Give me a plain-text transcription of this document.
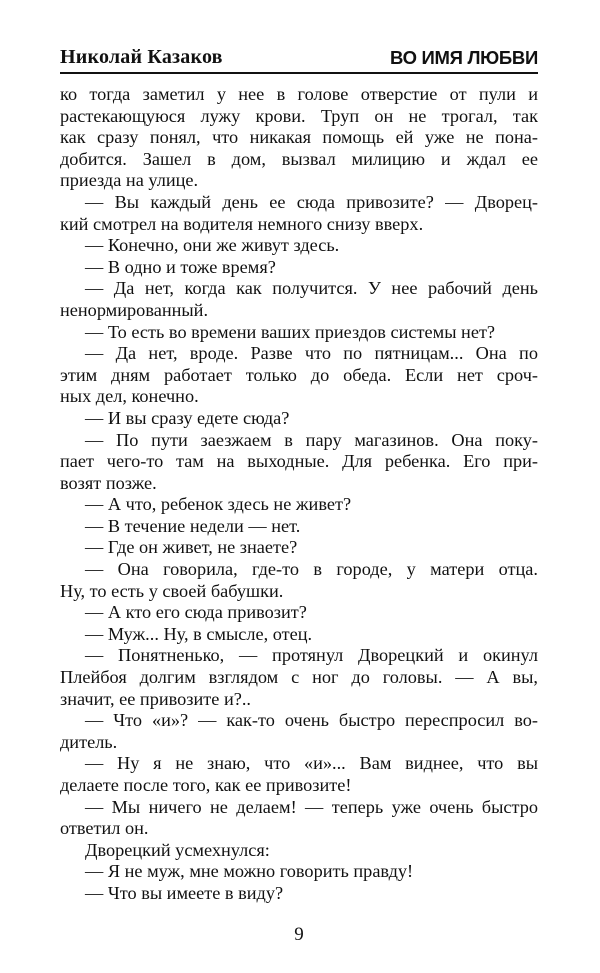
Николай Казаков	ВО ИМЯ ЛЮБВИ
ко тогда заметил у нее в голове отверстие от пули и
растекающуюся лужу крови. Труп он не трогал, так
как сразу понял, что никакая помощь ей уже не пона-
добится. Зашел в дом, вызвал милицию и ждал ее
приезда на улице.
— Вы каждый день ее сюда привозите? — Дворец-
кий смотрел на водителя немного снизу вверх.
— Конечно, они же живут здесь.
— В одно и тоже время?
— Да нет, когда как получится. У нее рабочий день
ненормированный.
— То есть во времени ваших приездов системы нет?
— Да нет, вроде. Разве что по пятницам... Она по
этим дням работает только до обеда. Если нет сроч-
ных дел, конечно.
— И вы сразу едете сюда?
— По пути заезжаем в пару магазинов. Она поку-
пает чего-то там на выходные. Для ребенка. Его при-
возят позже.
— А что, ребенок здесь не живет?
— В течение недели — нет.
— Где он живет, не знаете?
— Она говорила, где-то в городе, у матери отца.
Ну, то есть у своей бабушки.
— А кто его сюда привозит?
— Муж... Ну, в смысле, отец.
— Понятненько, — протянул Дворецкий и окинул
Плейбоя долгим взглядом с ног до головы. — А вы,
значит, ее привозите и?..
— Что «и»? — как-то очень быстро переспросил во-
дитель.
— Ну я не знаю, что «и»... Вам виднее, что вы
делаете после того, как ее привозите!
— Мы ничего не делаем! — теперь уже очень быстро
ответил он.
Дворецкий усмехнулся:
— Я не муж, мне можно говорить правду!
— Что вы имеете в виду?
9
